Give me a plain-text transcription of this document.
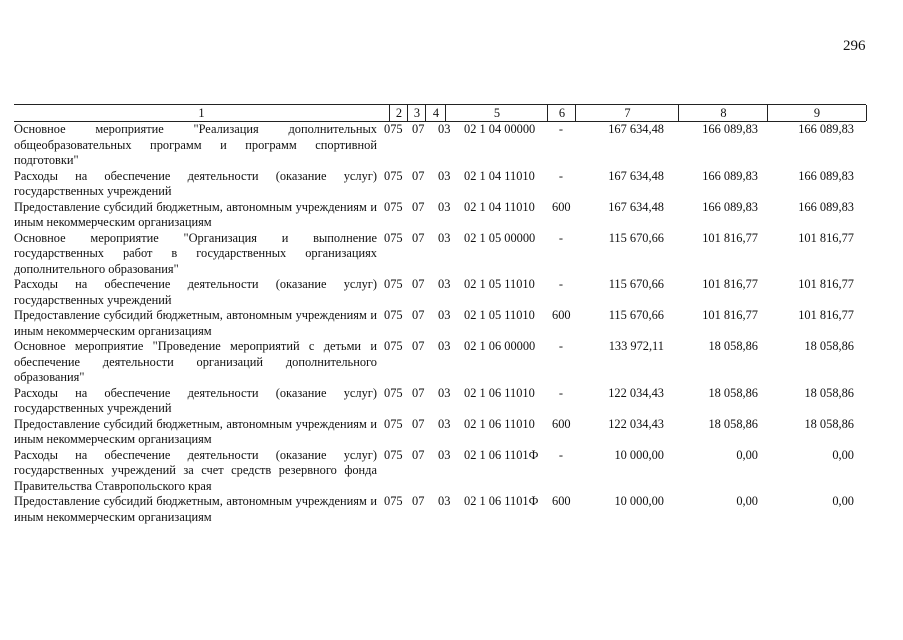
296
1	2 3	4	5	6	7	8	9
Основное мероприятие "Реализация дополнительных общеобразовательных программ и программ спортивной подготовки"
075 07 03 02 1 04 00000	-	167 634,48	166 089,83	166 089,83
Расходы на обеспечение деятельности (оказание услуг) государственных учреждений
075 07 03 02 1 04 11010	-	167 634,48	166 089,83	166 089,83
Предоставление субсидий бюджетным, автономным учреждениям и иным некоммерческим организациям
075 07 03 02 1 04 11010 600	167 634,48	166 089,83	166 089,83
Основное мероприятие "Организация и выполнение государственных работ в государственных организациях дополнительного образования"
075 07 03 02 1 05 00000	-	115 670,66	101 816,77	101 816,77
Расходы на обеспечение деятельности (оказание услуг) государственных учреждений
075 07 03 02 1 05 11010	-	115 670,66	101 816,77	101 816,77
Предоставление субсидий бюджетным, автономным учреждениям и иным некоммерческим организациям
075 07 03 02 1 05 11010 600	115 670,66	101 816,77	101 816,77
Основное мероприятие "Проведение мероприятий с детьми и обеспечение деятельности организаций дополнительного образования"
075 07 03 02 1 06 00000	-	133 972,11	18 058,86	18 058,86
Расходы на обеспечение деятельности (оказание услуг) государственных учреждений
075 07 03 02 1 06 11010	-	122 034,43	18 058,86	18 058,86
Предоставление субсидий бюджетным, автономным учреждениям и иным некоммерческим организациям
075 07 03 02 1 06 11010 600	122 034,43	18 058,86	18 058,86
Расходы на обеспечение деятельности (оказание услуг) государственных учреждений за счет средств резервного фонда Правительства Ставропольского края
075 07 03 02 1 06 1101Ф	-	10 000,00	0,00	0,00
Предоставление субсидий бюджетным, автономным учреждениям и иным некоммерческим организациям
075 07 03 02 1 06 1101Ф 600	10 000,00	0,00	0,00
